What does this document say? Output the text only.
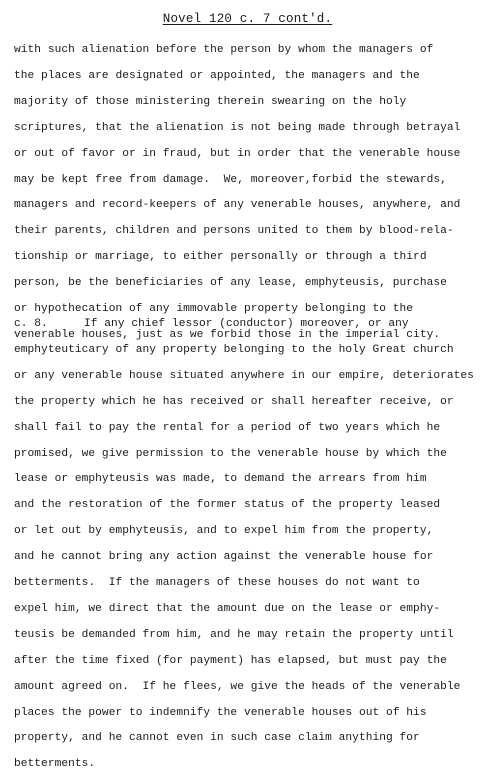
Novel 120 c. 7 cont'd.
with such alienation before the person by whom the managers of
the places are designated or appointed, the managers and the
majority of those ministering therein swearing on the holy
scriptures, that the alienation is not being made through betrayal
or out of favor or in fraud, but in order that the venerable house
may be kept free from damage.  We, moreover,forbid the stewards,
managers and record-keepers of any venerable houses, anywhere, and
their parents, children and persons united to them by blood-rela-
tionship or marriage, to either personally or through a third
person, be the beneficiaries of any lease, emphyteusis, purchase
or hypothecation of any immovable property belonging to the
venerable houses, just as we forbid those in the imperial city.
c. 8.	If any chief lessor (conductor) moreover, or any
emphyteuticary of any property belonging to the holy Great church
or any venerable house situated anywhere in our empire, deteriorates
the property which he has received or shall hereafter receive, or
shall fail to pay the rental for a period of two years which he
promised, we give permission to the venerable house by which the
lease or emphyteusis was made, to demand the arrears from him
and the restoration of the former status of the property leased
or let out by emphyteusis, and to expel him from the property,
and he cannot bring any action against the venerable house for
betterments.  If the managers of these houses do not want to
expel him, we direct that the amount due on the lease or emphy-
teusis be demanded from him, and he may retain the property until
after the time fixed (for payment) has elapsed, but must pay the
amount agreed on.  If he flees, we give the heads of the venerable
places the power to indemnify the venerable houses out of his
property, and he cannot even in such case claim anything for
betterments.
